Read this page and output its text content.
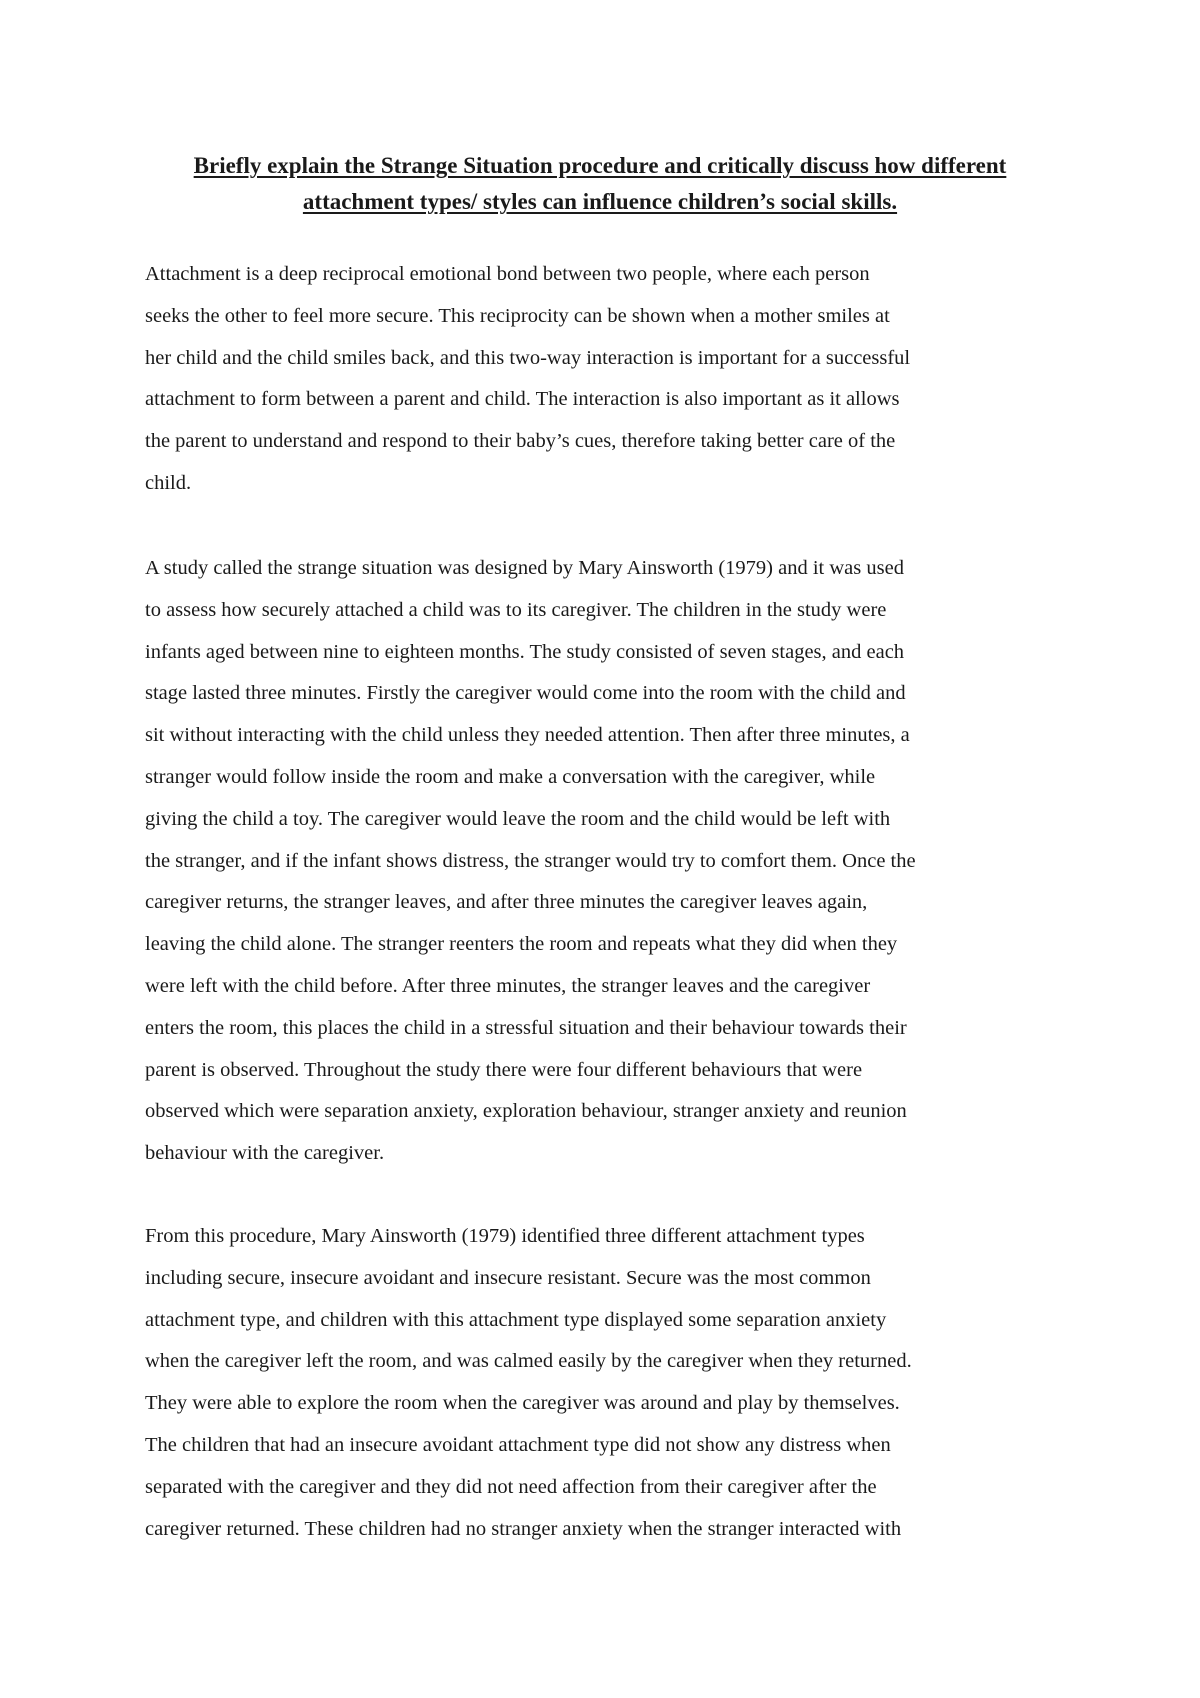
Briefly explain the Strange Situation procedure and critically discuss how different
attachment types/ styles can influence children’s social skills.
Attachment is a deep reciprocal emotional bond between two people, where each person
seeks the other to feel more secure. This reciprocity can be shown when a mother smiles at
her child and the child smiles back, and this two-way interaction is important for a successful
attachment to form between a parent and child. The interaction is also important as it allows
the parent to understand and respond to their baby’s cues, therefore taking better care of the
child.
A study called the strange situation was designed by Mary Ainsworth (1979) and it was used
to assess how securely attached a child was to its caregiver. The children in the study were
infants aged between nine to eighteen months. The study consisted of seven stages, and each
stage lasted three minutes. Firstly the caregiver would come into the room with the child and
sit without interacting with the child unless they needed attention. Then after three minutes, a
stranger would follow inside the room and make a conversation with the caregiver, while
giving the child a toy. The caregiver would leave the room and the child would be left with
the stranger, and if the infant shows distress, the stranger would try to comfort them. Once the
caregiver returns, the stranger leaves, and after three minutes the caregiver leaves again,
leaving the child alone. The stranger reenters the room and repeats what they did when they
were left with the child before. After three minutes, the stranger leaves and the caregiver
enters the room, this places the child in a stressful situation and their behaviour towards their
parent is observed. Throughout the study there were four different behaviours that were
observed which were separation anxiety, exploration behaviour, stranger anxiety and reunion
behaviour with the caregiver.
From this procedure, Mary Ainsworth (1979) identified three different attachment types
including secure, insecure avoidant and insecure resistant. Secure was the most common
attachment type, and children with this attachment type displayed some separation anxiety
when the caregiver left the room, and was calmed easily by the caregiver when they returned.
They were able to explore the room when the caregiver was around and play by themselves.
The children that had an insecure avoidant attachment type did not show any distress when
separated with the caregiver and they did not need affection from their caregiver after the
caregiver returned. These children had no stranger anxiety when the stranger interacted with
